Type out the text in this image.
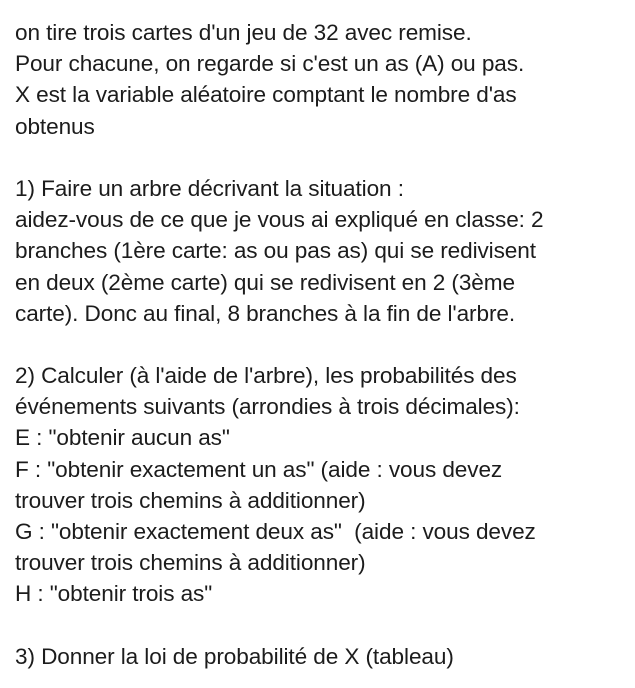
on tire trois cartes d'un jeu de 32 avec remise.
Pour chacune, on regarde si c'est un as (A) ou pas.
X est la variable aléatoire comptant le nombre d'as
obtenus
1) Faire un arbre décrivant la situation :
aidez-vous de ce que je vous ai expliqué en classe: 2
branches (1ère carte: as ou pas as) qui se redivisent
en deux (2ème carte) qui se redivisent en 2 (3ème
carte). Donc au final, 8 branches à la fin de l'arbre.
2) Calculer (à l'aide de l'arbre), les probabilités des
événements suivants (arrondies à trois décimales):
E : "obtenir aucun as"
F : "obtenir exactement un as" (aide : vous devez
trouver trois chemins à additionner)
G : "obtenir exactement deux as"  (aide : vous devez
trouver trois chemins à additionner)
H : "obtenir trois as"
3) Donner la loi de probabilité de X (tableau)
